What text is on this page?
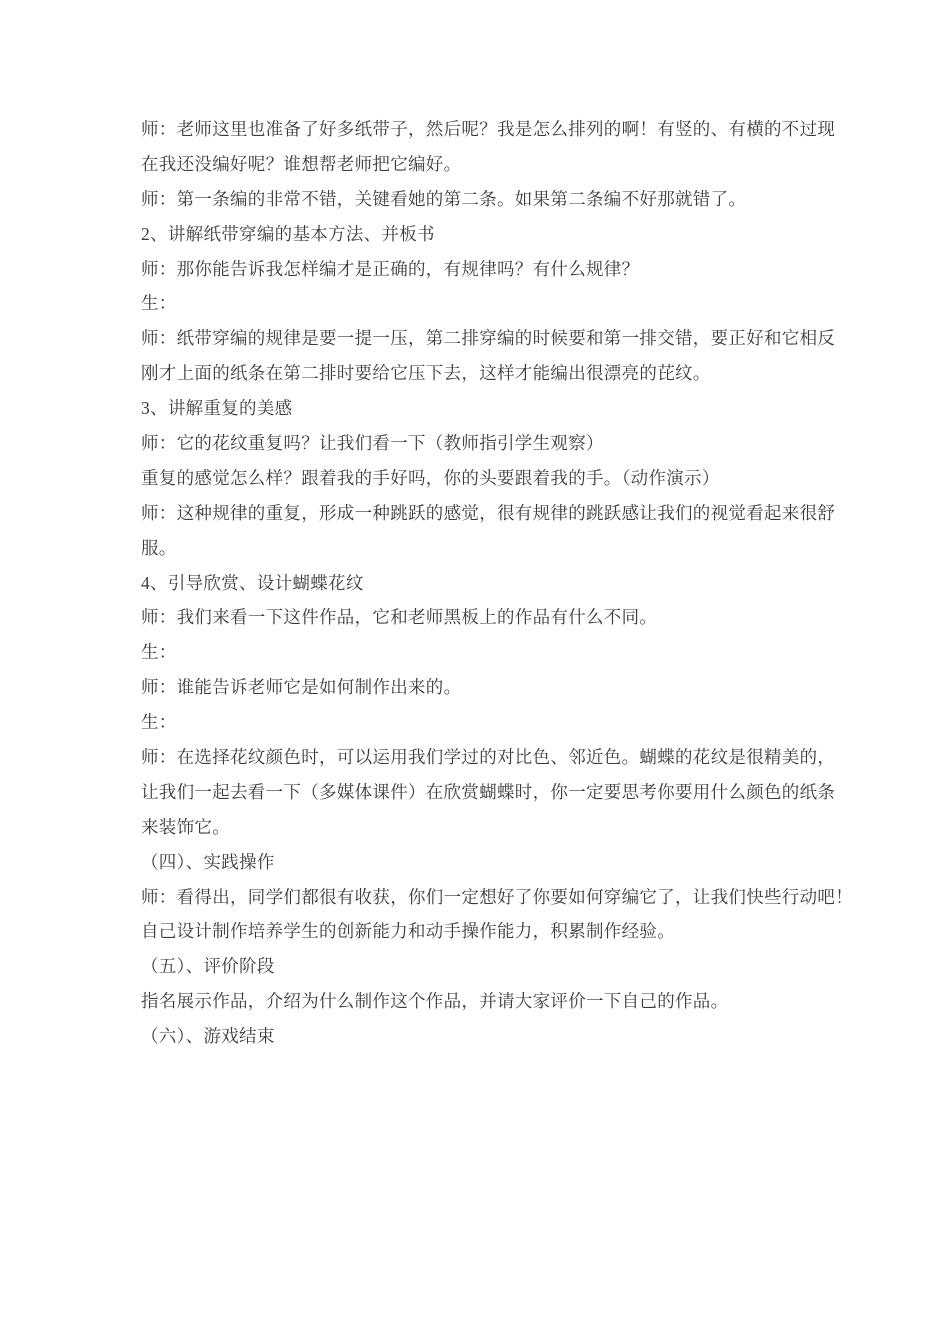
师：老师这里也准备了好多纸带子，然后呢？我是怎么排列的啊！有竖的、有横的不过现
在我还没编好呢？谁想帮老师把它编好。
师：第一条编的非常不错，关键看她的第二条。如果第二条编不好那就错了。
2、讲解纸带穿编的基本方法、并板书
师：那你能告诉我怎样编才是正确的，有规律吗？有什么规律？
生：
师：纸带穿编的规律是要一提一压，第二排穿编的时候要和第一排交错，要正好和它相反
刚才上面的纸条在第二排时要给它压下去，这样才能编出很漂亮的芘纹。
3、讲解重复的美感
师：它的花纹重复吗？让我们看一下（教师指引学生观察）
重复的感觉怎么样？跟着我的手好吗，你的头要跟着我的手。（动作演示）
师：这种规律的重复，形成一种跳跃的感觉，很有规律的跳跃感让我们的视觉看起来很舒
服。
4、引导欣赏、设计蝴蝶花纹
师：我们来看一下这件作品，它和老师黑板上的作品有什么不同。
生：
师：谁能告诉老师它是如何制作出来的。
生：
师：在选择花纹颜色时，可以运用我们学过的对比色、邻近色。蝴蝶的花纹是很精美的，
让我们一起去看一下（多媒体课件）在欣赏蝴蝶时，你一定要思考你要用什么颜色的纸条
来装饰它。
（四）、实践操作
师：看得出，同学们都很有收获，你们一定想好了你要如何穿编它了，让我们快些行动吧！
自己设计制作培养学生的创新能力和动手操作能力，积累制作经验。
（五）、评价阶段
指名展示作品，介绍为什么制作这个作品，并请大家评价一下自己的作品。
（六）、游戏结束
